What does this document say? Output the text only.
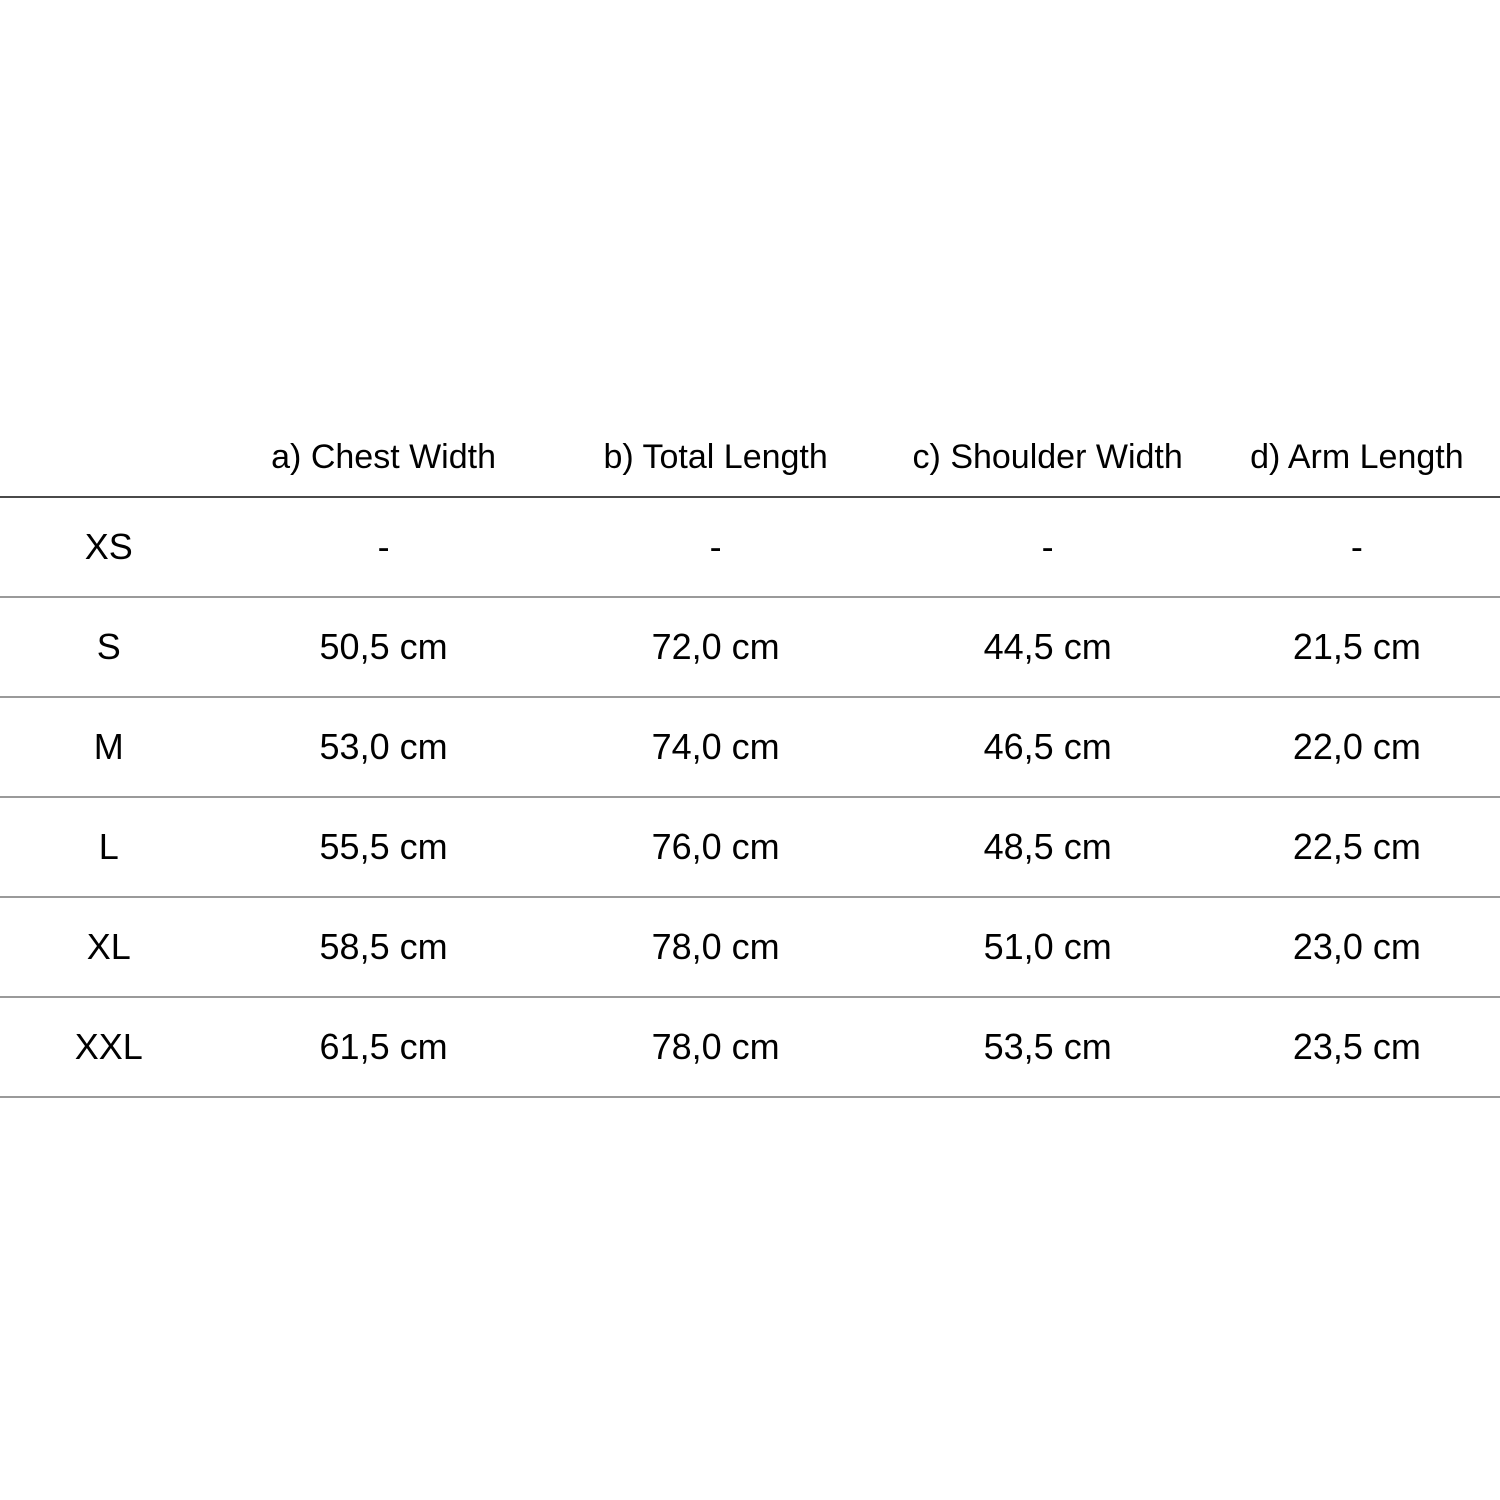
	a) Chest Width	b) Total Length	c) Shoulder Width	d) Arm Length
XS	-	-	-	-
S	50,5 cm	72,0 cm	44,5 cm	21,5 cm
M	53,0 cm	74,0 cm	46,5 cm	22,0 cm
L	55,5 cm	76,0 cm	48,5 cm	22,5 cm
XL	58,5 cm	78,0 cm	51,0 cm	23,0 cm
XXL	61,5 cm	78,0 cm	53,5 cm	23,5 cm
